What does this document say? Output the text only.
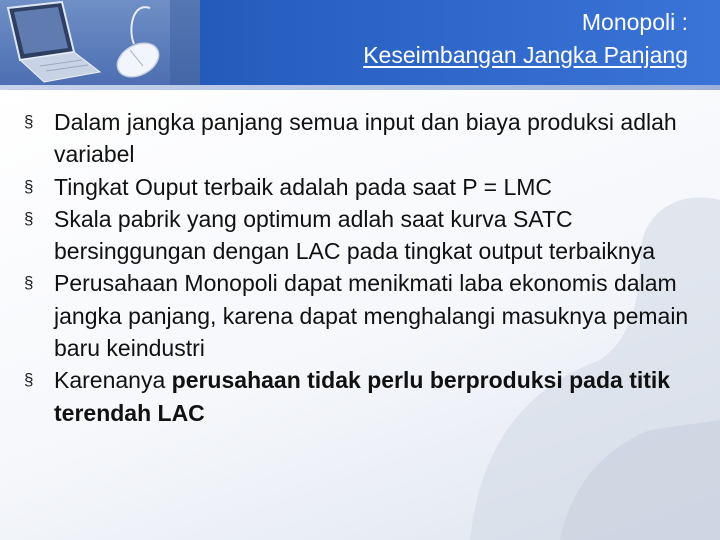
Monopoli :
Keseimbangan Jangka Panjang
§ Dalam jangka panjang semua input dan biaya produksi adlah variabel
§ Tingkat Ouput terbaik adalah pada saat P = LMC
§ Skala pabrik yang optimum adlah saat kurva SATC bersinggungan dengan LAC pada tingkat output terbaiknya
§ Perusahaan Monopoli dapat menikmati laba ekonomis dalam jangka panjang, karena dapat menghalangi masuknya pemain baru keindustri
§ Karenanya perusahaan tidak perlu berproduksi pada titik terendah LAC
